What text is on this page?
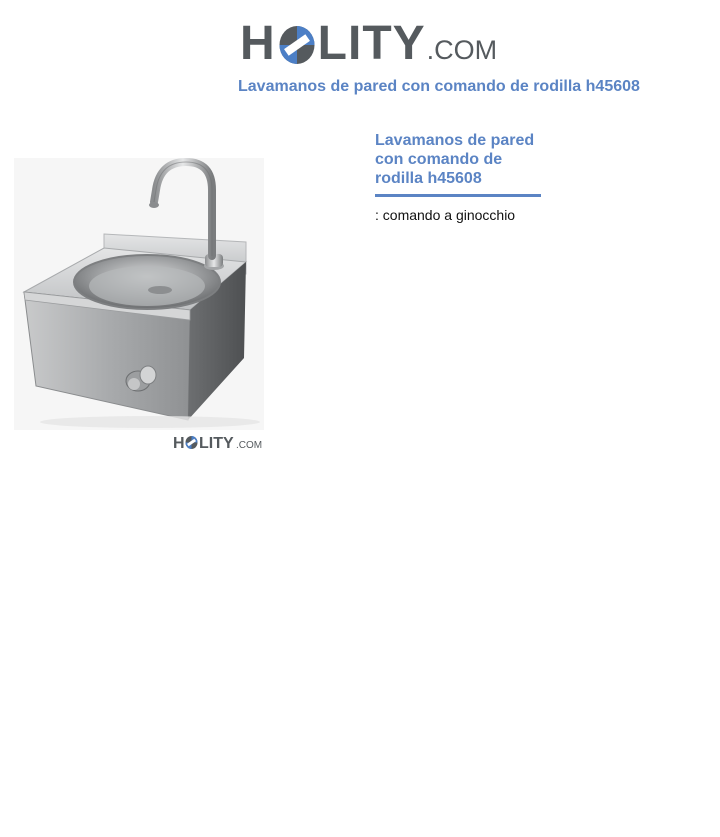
H LITY .COM
Lavamanos de pared con comando de rodilla h45608
H LITY .COM
Lavamanos de pared con comando de rodilla h45608
: comando a ginocchio
